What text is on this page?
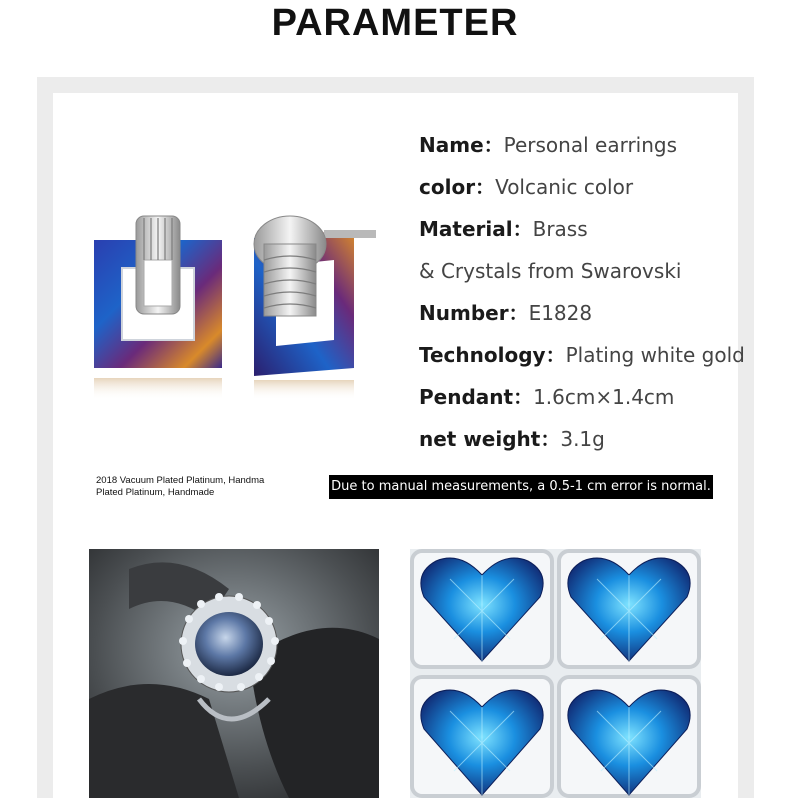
PARAMETER
Name：Personal earrings
color：Volcanic color
Material：Brass
& Crystals from Swarovski
Number：E1828
Technology：Plating white gold
Pendant：1.6cm×1.4cm
net weight：3.1g
2018 Vacuum Plated Platinum, Handma
Plated Platinum, Handmade	Due to manual measurements, a 0.5-1 cm error is normal.
